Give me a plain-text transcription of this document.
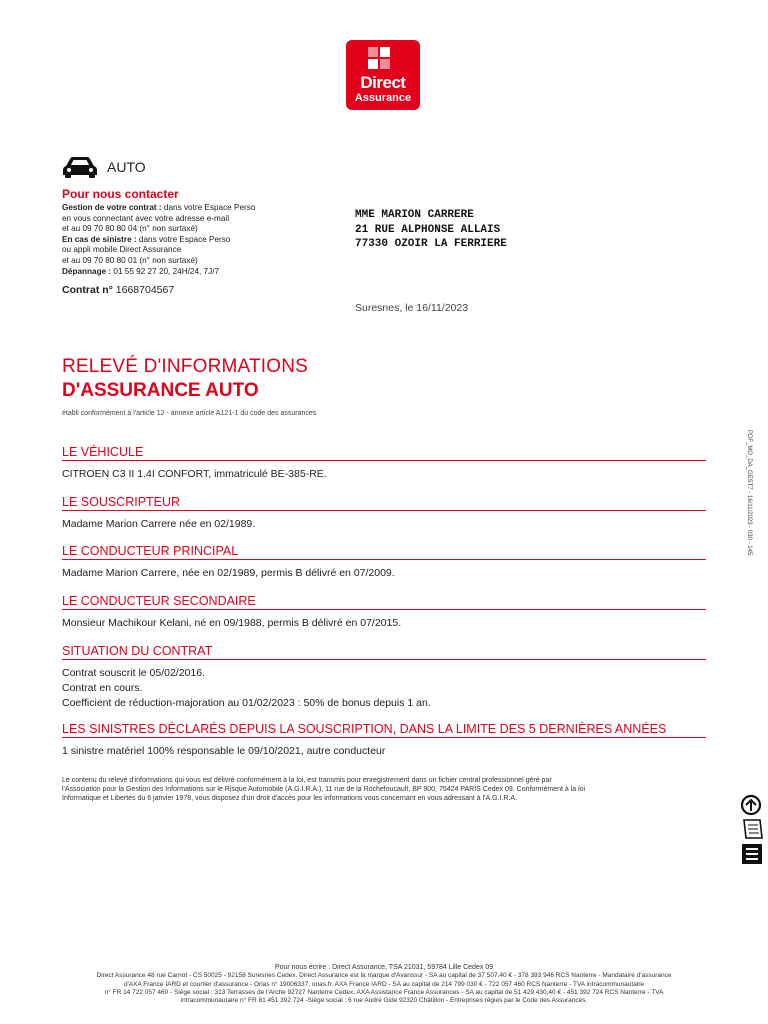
Direct
Assurance
AUTO
Pour nous contacter
Gestion de votre contrat : dans votre Espace Perso
en vous connectant avec votre adresse e-mail
et au 09 70 80 80 04 (n° non surtaxé)
En cas de sinistre : dans votre Espace Perso
ou appli mobile Direct Assurance
et au 09 70 80 80 01 (n° non surtaxé)
Dépannage : 01 55 92 27 20, 24H/24, 7J/7
Contrat n° 1668704567
MME MARION CARRERE
21 RUE ALPHONSE ALLAIS
77330 OZOIR LA FERRIERE
Suresnes, le 16/11/2023
RELEVÉ D'INFORMATIONS
D'ASSURANCE AUTO
établi conformément à l'article 12 - annexe article A121-1 du code des assurances
LE VÉHICULE
CITROEN C3 II 1.4I CONFORT, immatriculé BE-385-RE.
LE SOUSCRIPTEUR
Madame Marion Carrere née en 02/1989.
LE CONDUCTEUR PRINCIPAL
Madame Marion Carrere, née en 02/1989, permis B délivré en 07/2009.
LE CONDUCTEUR SECONDAIRE
Monsieur Machikour Kelani, né en 09/1988, permis B délivré en 07/2015.
SITUATION DU CONTRAT
Contrat souscrit le 05/02/2016.
Contrat en cours.
Coefficient de réduction-majoration au 01/02/2023 : 50% de bonus depuis 1 an.
LES SINISTRES DÉCLARÉS DEPUIS LA SOUSCRIPTION, DANS LA LIMITE DES 5 DERNIÈRES ANNÉES
1 sinistre matériel 100% responsable le 09/10/2021, autre conducteur
Le contenu du relevé d'informations qui vous est délivré conformément à la loi, est transmis pour enregistrement dans un fichier central professionnel géré par
l'Association pour la Gestion des Informations sur le Risque Automobile (A.G.I.R.A.), 11 rue de la Rochefoucault, BP 900, 75424 PARIS Cedex 09. Conformément à la loi
Informatique et Libertés du 6 janvier 1978, vous disposez d'un droit d'accès pour les informations vous concernant en vous adressant à l'A.G.I.R.A.
PDF_MO_DA_GEST7 - 16/11/2023 - 030 - 145
Pour nous écrire : Direct Assurance, TSA 21031, 59784 Lille Cedex 09
Direct Assurance 48 rue Carnot - CS 50025 - 92158 Suresnes Cedex. Direct Assurance est la marque d'Avanssur - SA au capital de 37 507,40 € - 378 393 946 RCS Nanterre - Mandataire d'assurance
d'AXA France IARD et courtier d'assurance - Orias n° 19006337, orias.fr. AXA France IARD - SA au capital de 214 799 030 € - 722 057 460 RCS Nanterre - TVA intracommunautaire
n° FR 14 722 057 460 - Siège social : 313 Terrasses de l'Arche 92727 Nanterre Cedex. AXA Assistance France Assurances - SA au capital de 51 429 430,40 € - 451 392 724 RCS Nanterre - TVA
intracommunautaire n° FR 81 451 392 724 -Siège social : 6 rue André Gide 92320 Châtillon - Entreprises régies par le Code des Assurances.
